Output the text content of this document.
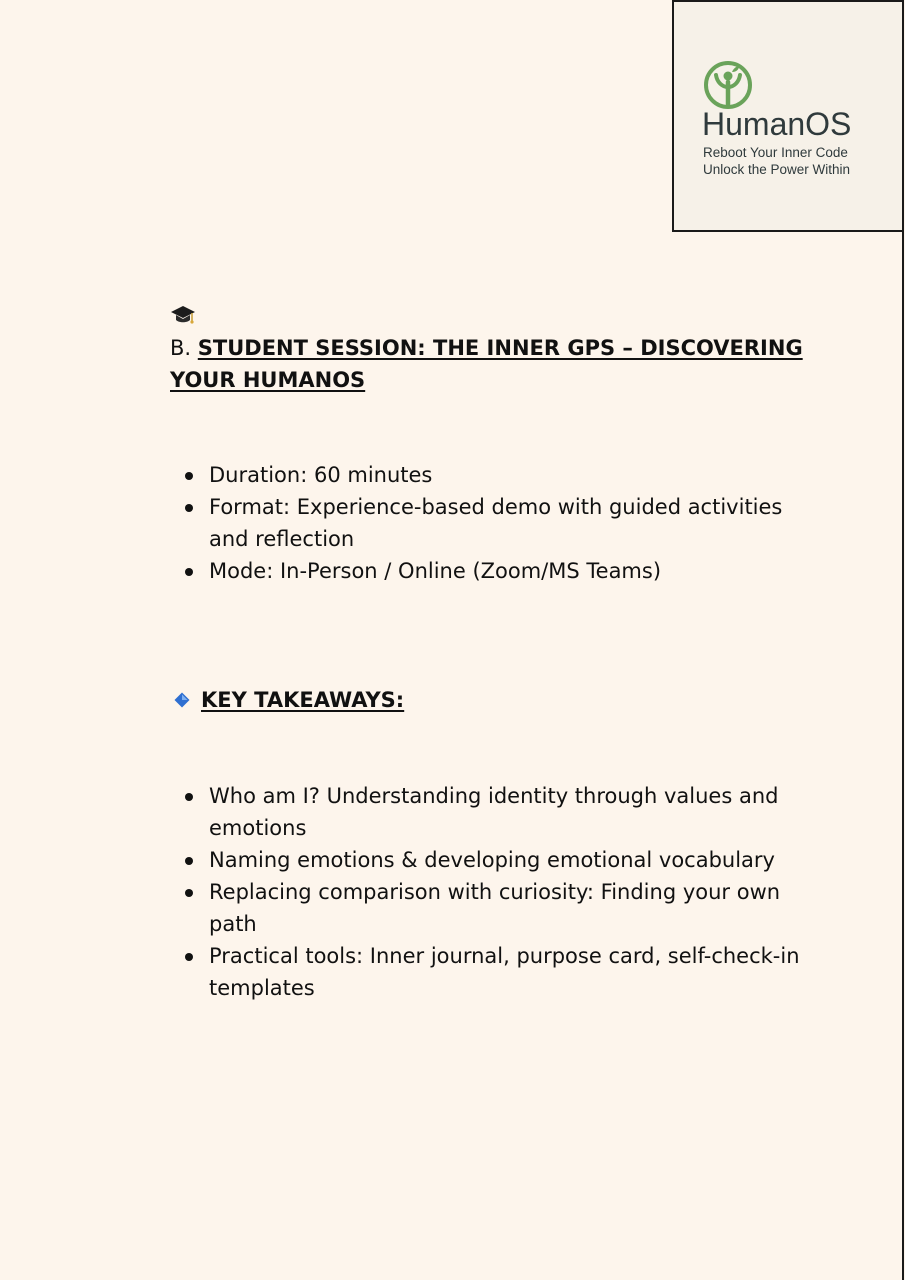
HumanOS
Reboot Your Inner Code
Unlock the Power Within
B. STUDENT SESSION: THE INNER GPS – DISCOVERING YOUR HUMANOS
Duration: 60 minutes
Format: Experience-based demo with guided activities and reflection
Mode: In-Person / Online (Zoom/MS Teams)
KEY TAKEAWAYS:
Who am I? Understanding identity through values and emotions
Naming emotions & developing emotional vocabulary
Replacing comparison with curiosity: Finding your own path
Practical tools: Inner journal, purpose card, self-check-in templates
